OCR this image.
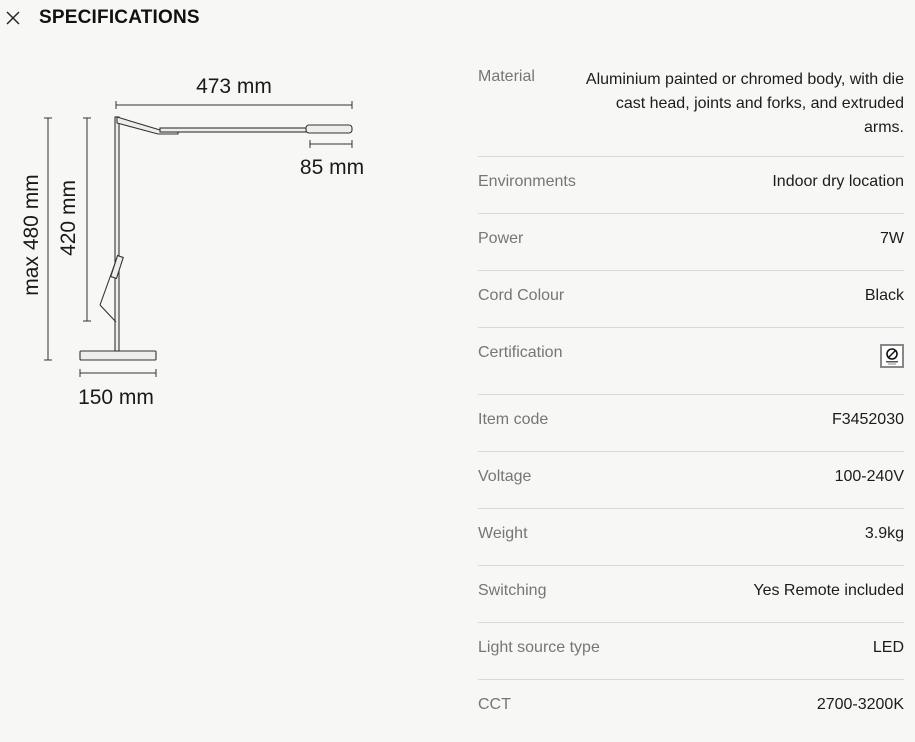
SPECIFICATIONS
473 mm
max 480 mm 420 mm
85 mm
150 mm
Material	Aluminium painted or chromed body, with die cast head, joints and forks, and extruded arms.
Environments	Indoor dry location
Power	7W
Cord Colour	Black
Certification
Item code	F3452030
Voltage	100-240V
Weight	3.9kg
Switching	Yes Remote included
Light source type	LED
CCT	2700-3200K
